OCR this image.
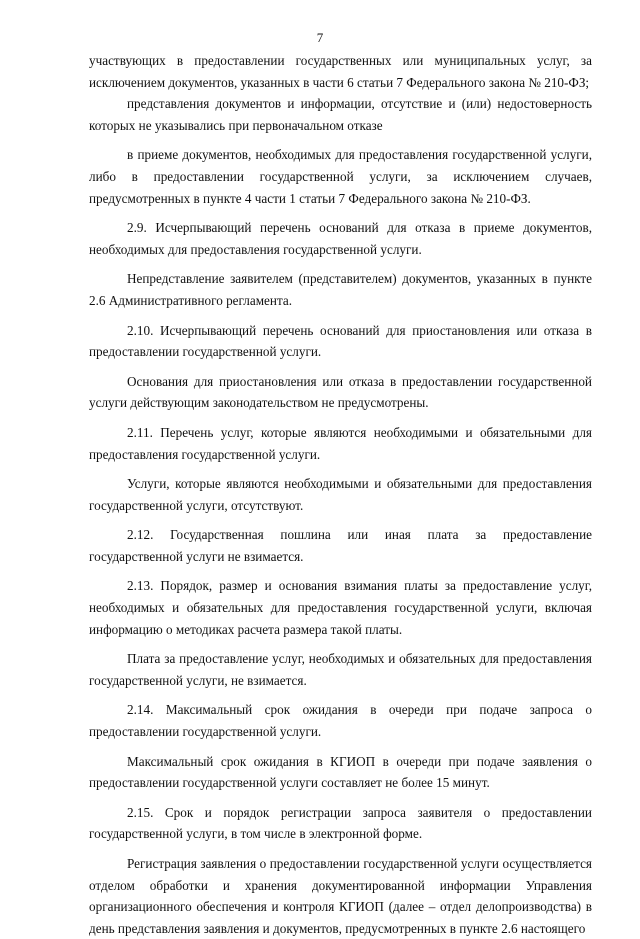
7

участвующих в предоставлении государственных или муниципальных услуг, за исключением документов, указанных в части 6 статьи 7 Федерального закона № 210-ФЗ;

представления документов и информации, отсутствие и (или) недостоверность которых не указывались при первоначальном отказе

в приеме документов, необходимых для предоставления государственной услуги, либо в предоставлении государственной услуги, за исключением случаев, предусмотренных в пункте 4 части 1 статьи 7 Федерального закона № 210-ФЗ.

2.9. Исчерпывающий перечень оснований для отказа в приеме документов, необходимых для предоставления государственной услуги.

Непредставление заявителем (представителем) документов, указанных в пункте 2.6 Административного регламента.

2.10. Исчерпывающий перечень оснований для приостановления или отказа в предоставлении государственной услуги.

Основания для приостановления или отказа в предоставлении государственной услуги действующим законодательством не предусмотрены.

2.11. Перечень услуг, которые являются необходимыми и обязательными для предоставления государственной услуги.

Услуги, которые являются необходимыми и обязательными для предоставления государственной услуги, отсутствуют.

2.12. Государственная пошлина или иная плата за предоставление государственной услуги не взимается.

2.13. Порядок, размер и основания взимания платы за предоставление услуг, необходимых и обязательных для предоставления государственной услуги, включая информацию о методиках расчета размера такой платы.

Плата за предоставление услуг, необходимых и обязательных для предоставления государственной услуги, не взимается.

2.14. Максимальный срок ожидания в очереди при подаче запроса о предоставлении государственной услуги.

Максимальный срок ожидания в КГИОП в очереди при подаче заявления о предоставлении государственной услуги составляет не более 15 минут.

2.15. Срок и порядок регистрации запроса заявителя о предоставлении государственной услуги, в том числе в электронной форме.

Регистрация заявления о предоставлении государственной услуги осуществляется отделом обработки и хранения документированной информации Управления организационного обеспечения и контроля КГИОП (далее – отдел делопроизводства) в день представления заявления и документов, предусмотренных в пункте 2.6 настоящего
